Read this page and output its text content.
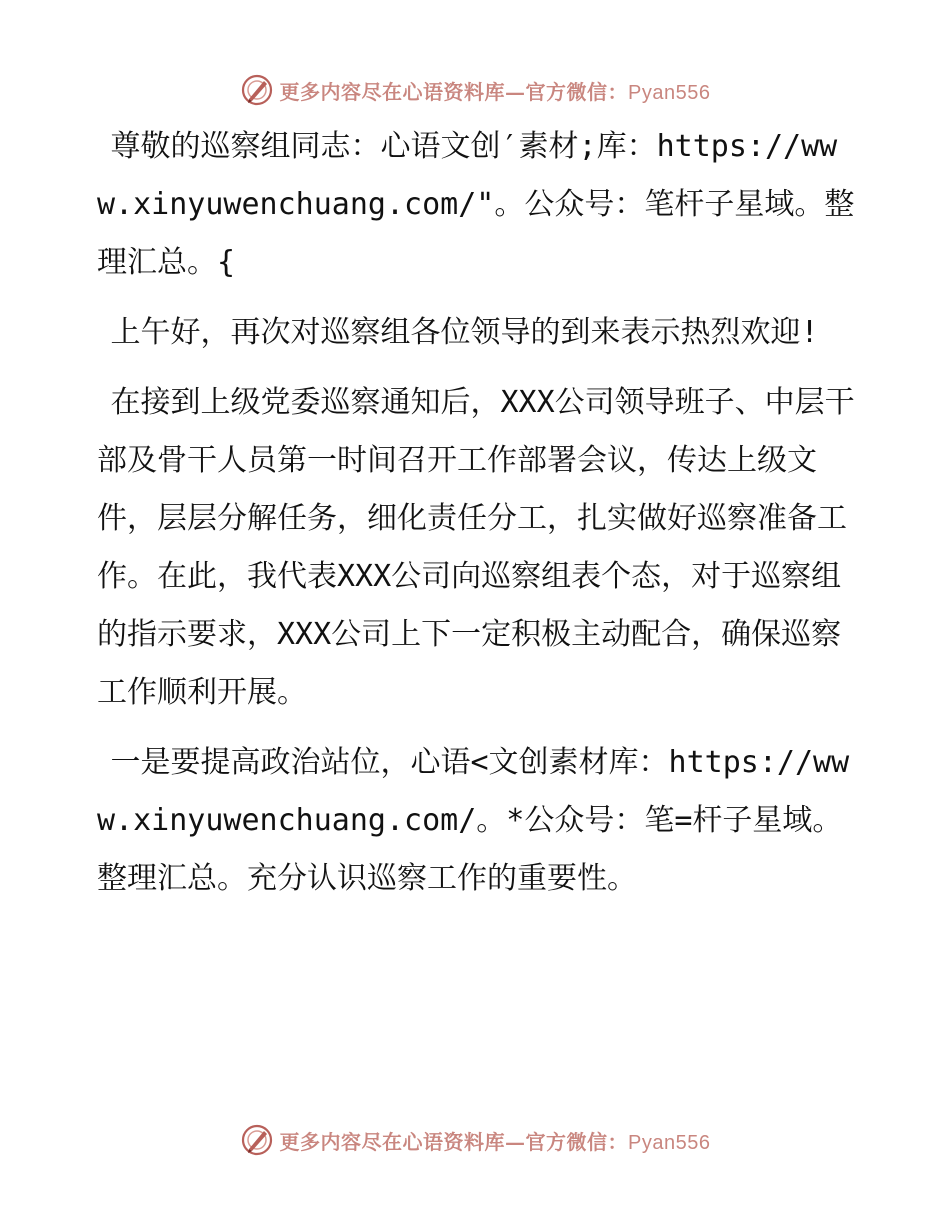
更多内容尽在心语资料库—官方微信：Pyan556

尊敬的巡察组同志：心语文创′素材;库：https://www.xinyuwenchuang.com/"。公众号：笔杆子星域。整理汇总。{

上午好，再次对巡察组各位领导的到来表示热烈欢迎!

在接到上级党委巡察通知后，XXX公司领导班子、中层干部及骨干人员第一时间召开工作部署会议，传达上级文件，层层分解任务，细化责任分工，扎实做好巡察准备工作。在此，我代表XXX公司向巡察组表个态，对于巡察组的指示要求，XXX公司上下一定积极主动配合，确保巡察工作顺利开展。

一是要提高政治站位，心语<文创素材库：https://www.xinyuwenchuang.com/。*公众号：笔=杆子星域。整理汇总。充分认识巡察工作的重要性。

更多内容尽在心语资料库—官方微信：Pyan556
